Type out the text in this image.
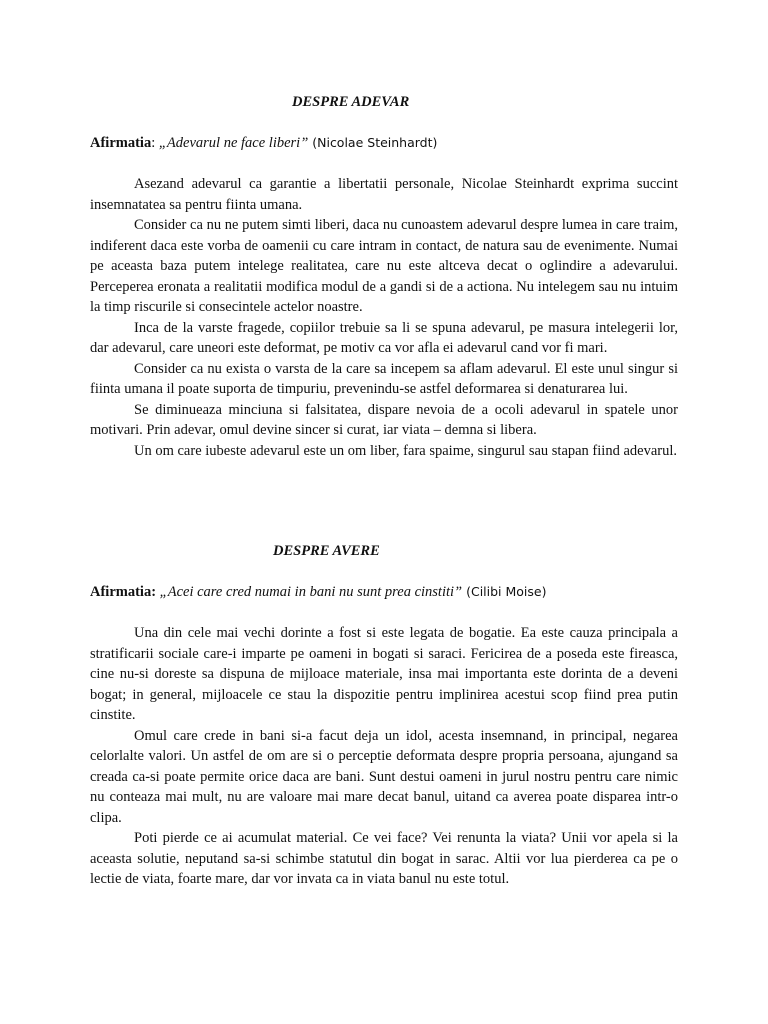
DESPRE ADEVAR

Afirmatia: „Adevarul ne face liberi” (Nicolae Steinhardt)

Asezand adevarul ca garantie a libertatii personale, Nicolae Steinhardt exprima succint insemnatatea sa pentru fiinta umana.

Consider ca nu ne putem simti liberi, daca nu cunoastem adevarul despre lumea in care traim, indiferent daca este vorba de oamenii cu care intram in contact, de natura sau de evenimente. Numai pe aceasta baza putem intelege realitatea, care nu este altceva decat o oglindire a adevarului. Perceperea eronata a realitatii modifica modul de a gandi si de a actiona. Nu intelegem sau nu intuim la timp riscurile si consecintele actelor noastre.

Inca de la varste fragede, copiilor trebuie sa li se spuna adevarul, pe masura intelegerii lor, dar adevarul, care uneori este deformat, pe motiv ca vor afla ei adevarul cand vor fi mari.

Consider ca nu exista o varsta de la care sa incepem sa aflam adevarul. El este unul singur si fiinta umana il poate suporta de timpuriu, prevenindu-se astfel deformarea si denaturarea lui.

Se diminueaza minciuna si falsitatea, dispare nevoia de a ocoli adevarul in spatele unor motivari. Prin adevar, omul devine sincer si curat, iar viata – demna si libera.

Un om care iubeste adevarul este un om liber, fara spaime, singurul sau stapan fiind adevarul.

DESPRE AVERE

Afirmatia: „Acei care cred numai in bani nu sunt prea cinstiti” (Cilibi Moise)

Una din cele mai vechi dorinte a fost si este legata de bogatie. Ea este cauza principala a stratificarii sociale care-i imparte pe oameni in bogati si saraci. Fericirea de a poseda este fireasca, cine nu-si doreste sa dispuna de mijloace materiale, insa mai importanta este dorinta de a deveni bogat; in general, mijloacele ce stau la dispozitie pentru implinirea acestui scop fiind prea putin cinstite.

Omul care crede in bani si-a facut deja un idol, acesta insemnand, in principal, negarea celorlalte valori. Un astfel de om are si o perceptie deformata despre propria persoana, ajungand sa creada ca-si poate permite orice daca are bani. Sunt destui oameni in jurul nostru pentru care nimic nu conteaza mai mult, nu are valoare mai mare decat banul, uitand ca averea poate disparea intr-o clipa.

Poti pierde ce ai acumulat material. Ce vei face? Vei renunta la viata? Unii vor apela si la aceasta solutie, neputand sa-si schimbe statutul din bogat in sarac. Altii vor lua pierderea ca pe o lectie de viata, foarte mare, dar vor invata ca in viata banul nu este totul.
